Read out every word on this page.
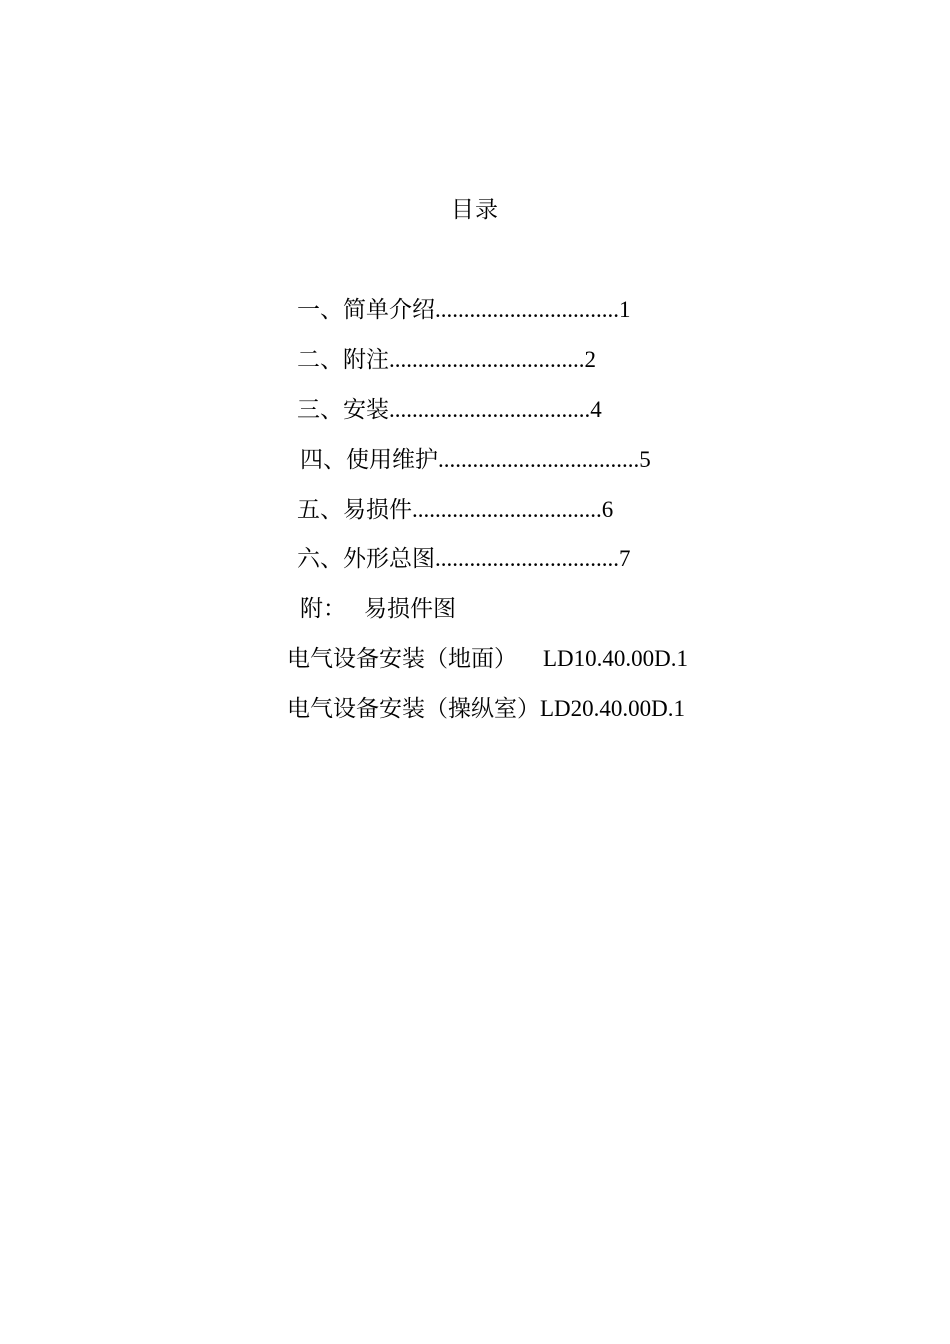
目录
一、简单介绍................................1
二、附注..................................2
三、安装...................................4
四、使用维护...................................5
五、易损件.................................6
六、外形总图................................7
附： 易损件图
电气设备安装（地面） LD10.40.00D.1
电气设备安装（操纵室）LD20.40.00D.1
